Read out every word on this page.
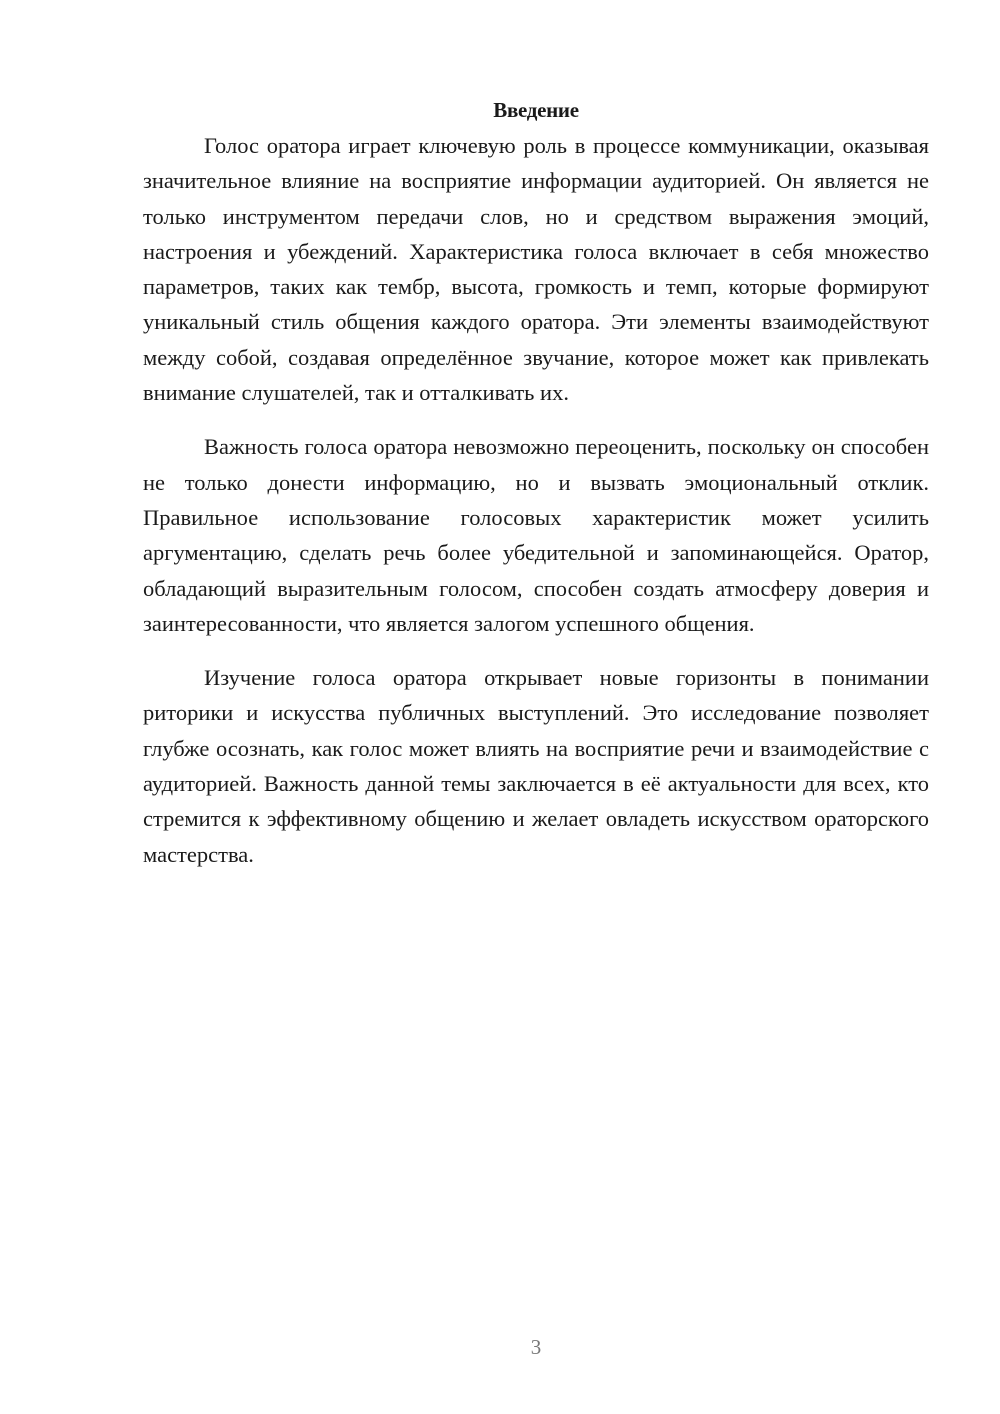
Введение

Голос оратора играет ключевую роль в процессе коммуникации, оказывая значительное влияние на восприятие информации аудиторией. Он является не только инструментом передачи слов, но и средством выражения эмоций, настроения и убеждений. Характеристика голоса включает в себя множество параметров, таких как тембр, высота, громкость и темп, которые формируют уникальный стиль общения каждого оратора. Эти элементы взаимодействуют между собой, создавая определённое звучание, которое может как привлекать внимание слушателей, так и отталкивать их.

Важность голоса оратора невозможно переоценить, поскольку он способен не только донести информацию, но и вызвать эмоциональный отклик. Правильное использование голосовых характеристик может усилить аргументацию, сделать речь более убедительной и запоминающейся. Оратор, обладающий выразительным голосом, способен создать атмосферу доверия и заинтересованности, что является залогом успешного общения.

Изучение голоса оратора открывает новые горизонты в понимании риторики и искусства публичных выступлений. Это исследование позволяет глубже осознать, как голос может влиять на восприятие речи и взаимодействие с аудиторией. Важность данной темы заключается в её актуальности для всех, кто стремится к эффективному общению и желает овладеть искусством ораторского мастерства.

3
